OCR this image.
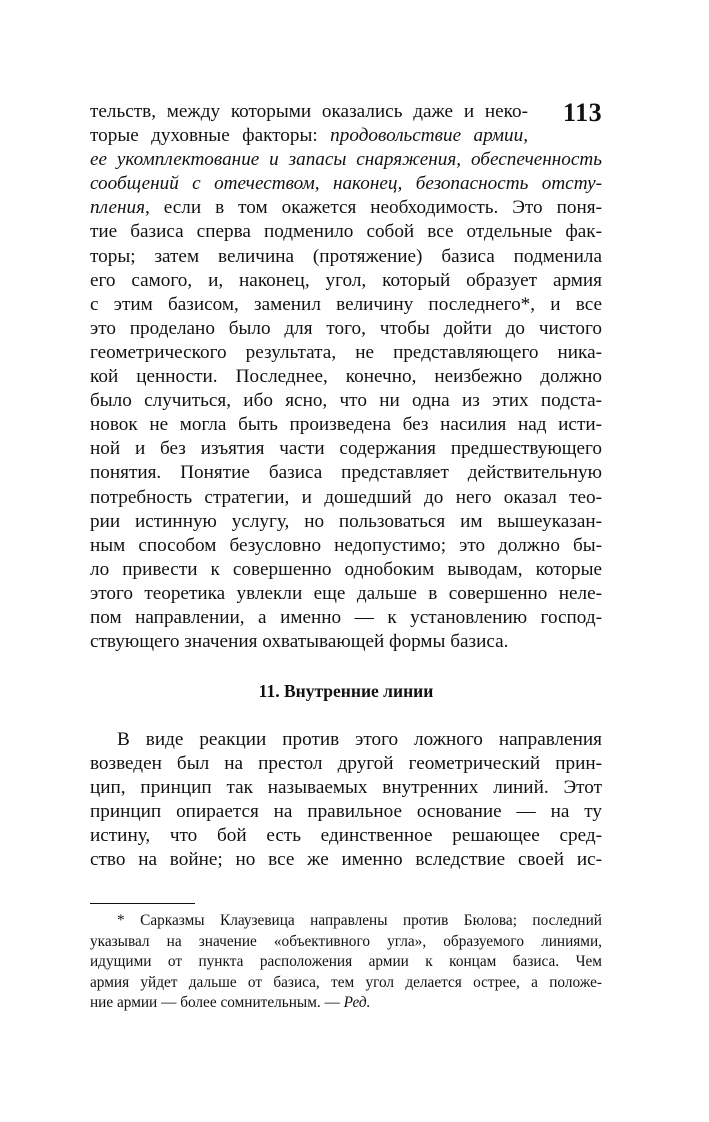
113
тельств, между которыми оказались даже и неко-
торые духовные факторы: продовольствие армии,
ее укомплектование и запасы снаряжения, обеспеченность
сообщений с отечеством, наконец, безопасность отсту-
пления, если в том окажется необходимость. Это поня-
тие базиса сперва подменило собой все отдельные фак-
торы; затем величина (протяжение) базиса подменила
его самого, и, наконец, угол, который образует армия
с этим базисом, заменил величину последнего*, и все
это проделано было для того, чтобы дойти до чистого
геометрического результата, не представляющего ника-
кой ценности. Последнее, конечно, неизбежно должно
было случиться, ибо ясно, что ни одна из этих подста-
новок не могла быть произведена без насилия над исти-
ной и без изъятия части содержания предшествующего
понятия. Понятие базиса представляет действительную
потребность стратегии, и дошедший до него оказал тео-
рии истинную услугу, но пользоваться им вышеуказан-
ным способом безусловно недопустимо; это должно бы-
ло привести к совершенно однобоким выводам, которые
этого теоретика увлекли еще дальше в совершенно неле-
пом направлении, а именно — к установлению господ-
ствующего значения охватывающей формы базиса.
11. Внутренние линии
В виде реакции против этого ложного направления
возведен был на престол другой геометрический прин-
цип, принцип так называемых внутренних линий. Этот
принцип опирается на правильное основание — на ту
истину, что бой есть единственное решающее сред-
ство на войне; но все же именно вследствие своей ис-
* Сарказмы Клаузевица направлены против Бюлова; последний
указывал на значение «объективного угла», образуемого линиями,
идущими от пункта расположения армии к концам базиса. Чем
армия уйдет дальше от базиса, тем угол делается острее, а положе-
ние армии — более сомнительным. — Ред.
